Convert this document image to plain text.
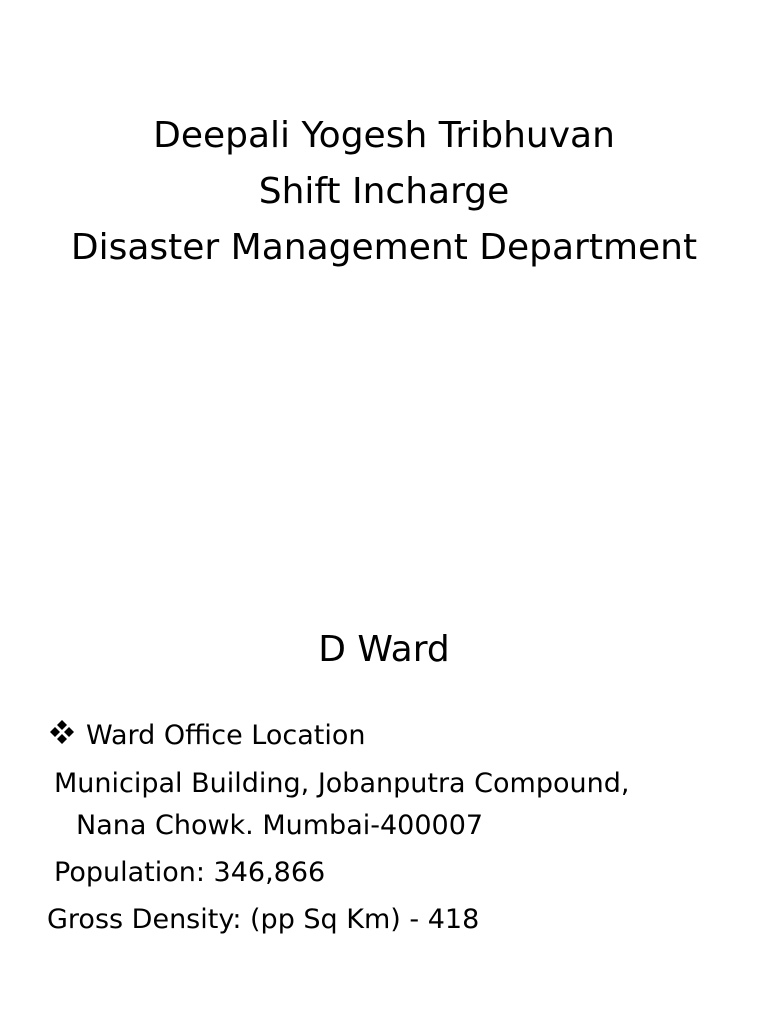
Deepali Yogesh Tribhuvan
Shift Incharge
Disaster Management Department
D Ward
Ward Office Location
Municipal Building, Jobanputra Compound,
Nana Chowk. Mumbai-400007
Population: 346,866
Gross Density: (pp Sq Km) - 418
